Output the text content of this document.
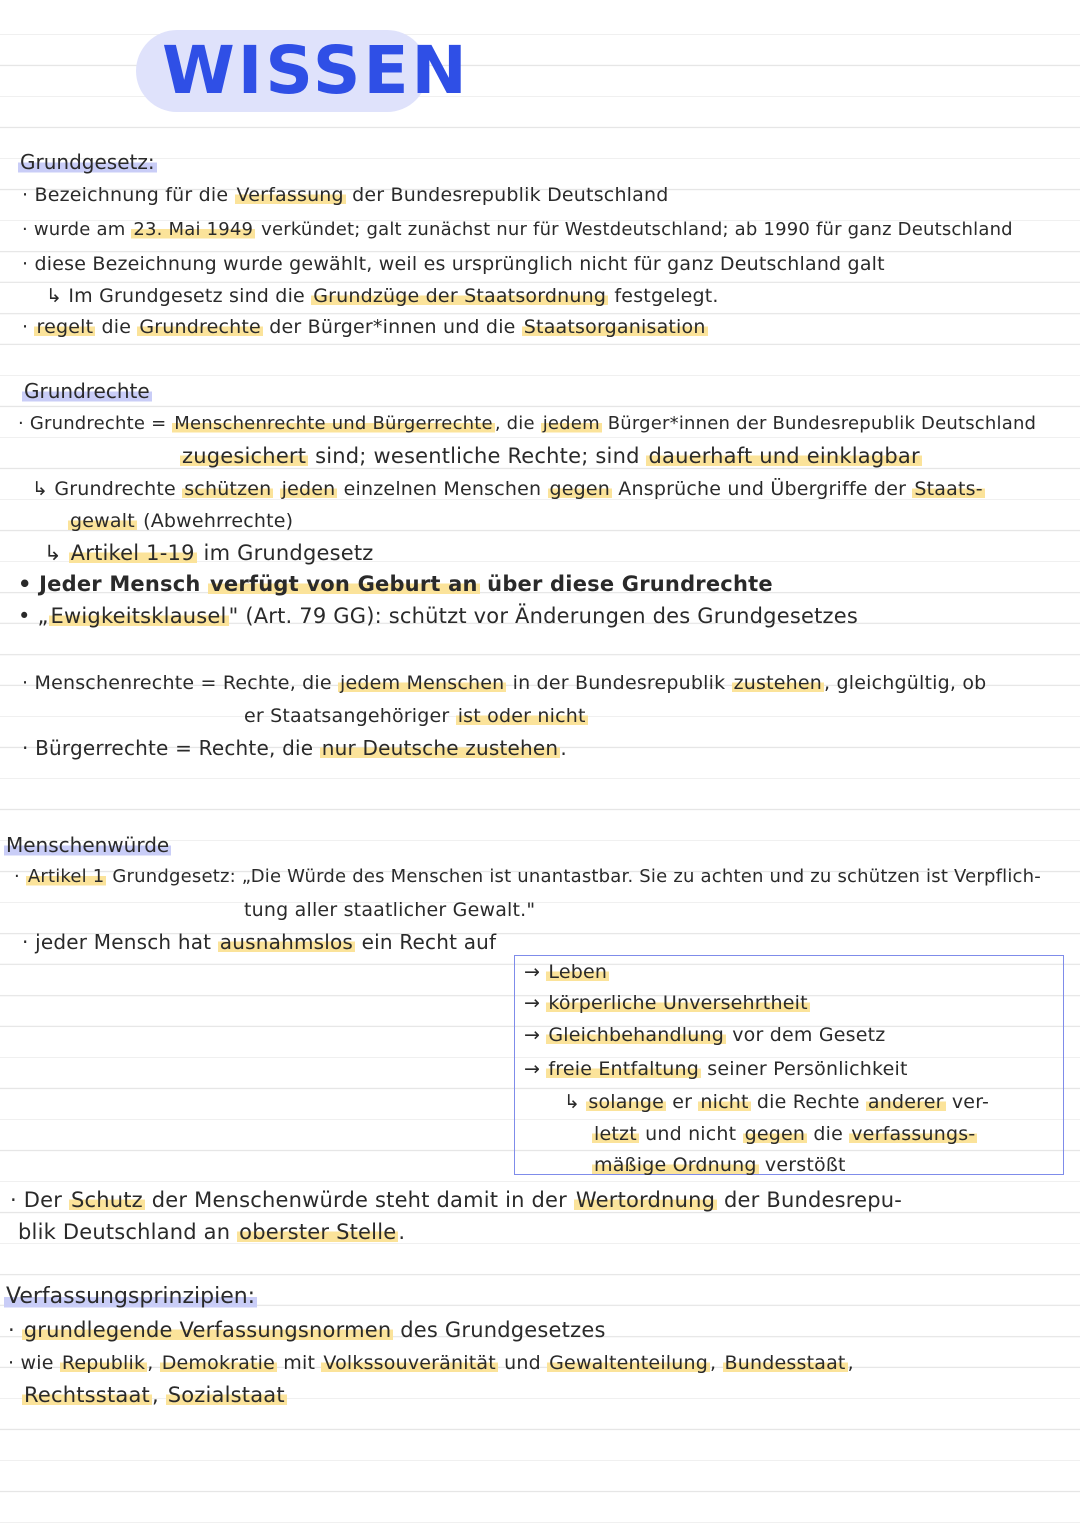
WISSEN
Grundgesetz:
· Bezeichnung für die Verfassung der Bundesrepublik Deutschland
· wurde am 23. Mai 1949 verkündet; galt zunächst nur für Westdeutschland; ab 1990 für ganz Deutschland
· diese Bezeichnung wurde gewählt, weil es ursprünglich nicht für ganz Deutschland galt
↳ Im Grundgesetz sind die Grundzüge der Staatsordnung festgelegt.
· regelt die Grundrechte der Bürger*innen und die Staatsorganisation
Grundrechte
· Grundrechte = Menschenrechte und Bürgerrechte , die jedem Bürger*innen der Bundesrepublik Deutschland
zugesichert sind; wesentliche Rechte; sind dauerhaft und einklagbar
↳ Grundrechte schützen jeden einzelnen Menschen gegen Ansprüche und Übergriffe der Staats-
gewalt (Abwehrrechte)
↳ Artikel 1-19 im Grundgesetz
• Jeder Mensch verfügt von Geburt an über diese Grundrechte
• „Ewigkeitsklausel" (Art. 79 GG): schützt vor Änderungen des Grundgesetzes
· Menschenrechte = Rechte, die jedem Menschen in der Bundesrepublik zustehen , gleichgültig, ob
er Staatsangehöriger ist oder nicht
· Bürgerrechte = Rechte, die nur Deutsche zustehen .
Menschenwürde
· Artikel 1 Grundgesetz: „Die Würde des Menschen ist unantastbar. Sie zu achten und zu schützen ist Verpflich-
tung aller staatlicher Gewalt."
· jeder Mensch hat ausnahmslos ein Recht auf
→ Leben
→ körperliche Unversehrtheit
→ Gleichbehandlung vor dem Gesetz
→ freie Entfaltung seiner Persönlichkeit
↳ solange er nicht die Rechte anderer ver-
letzt und nicht gegen die verfassungs-
mäßige Ordnung verstößt
· Der Schutz der Menschenwürde steht damit in der Wertordnung der Bundesrepu-
blik Deutschland an oberster Stelle.
Verfassungsprinzipien:
· grundlegende Verfassungsnormen des Grundgesetzes
· wie Republik , Demokratie mit Volkssouveränität und Gewaltenteilung , Bundesstaat ,
Rechtsstaat, Sozialstaat
